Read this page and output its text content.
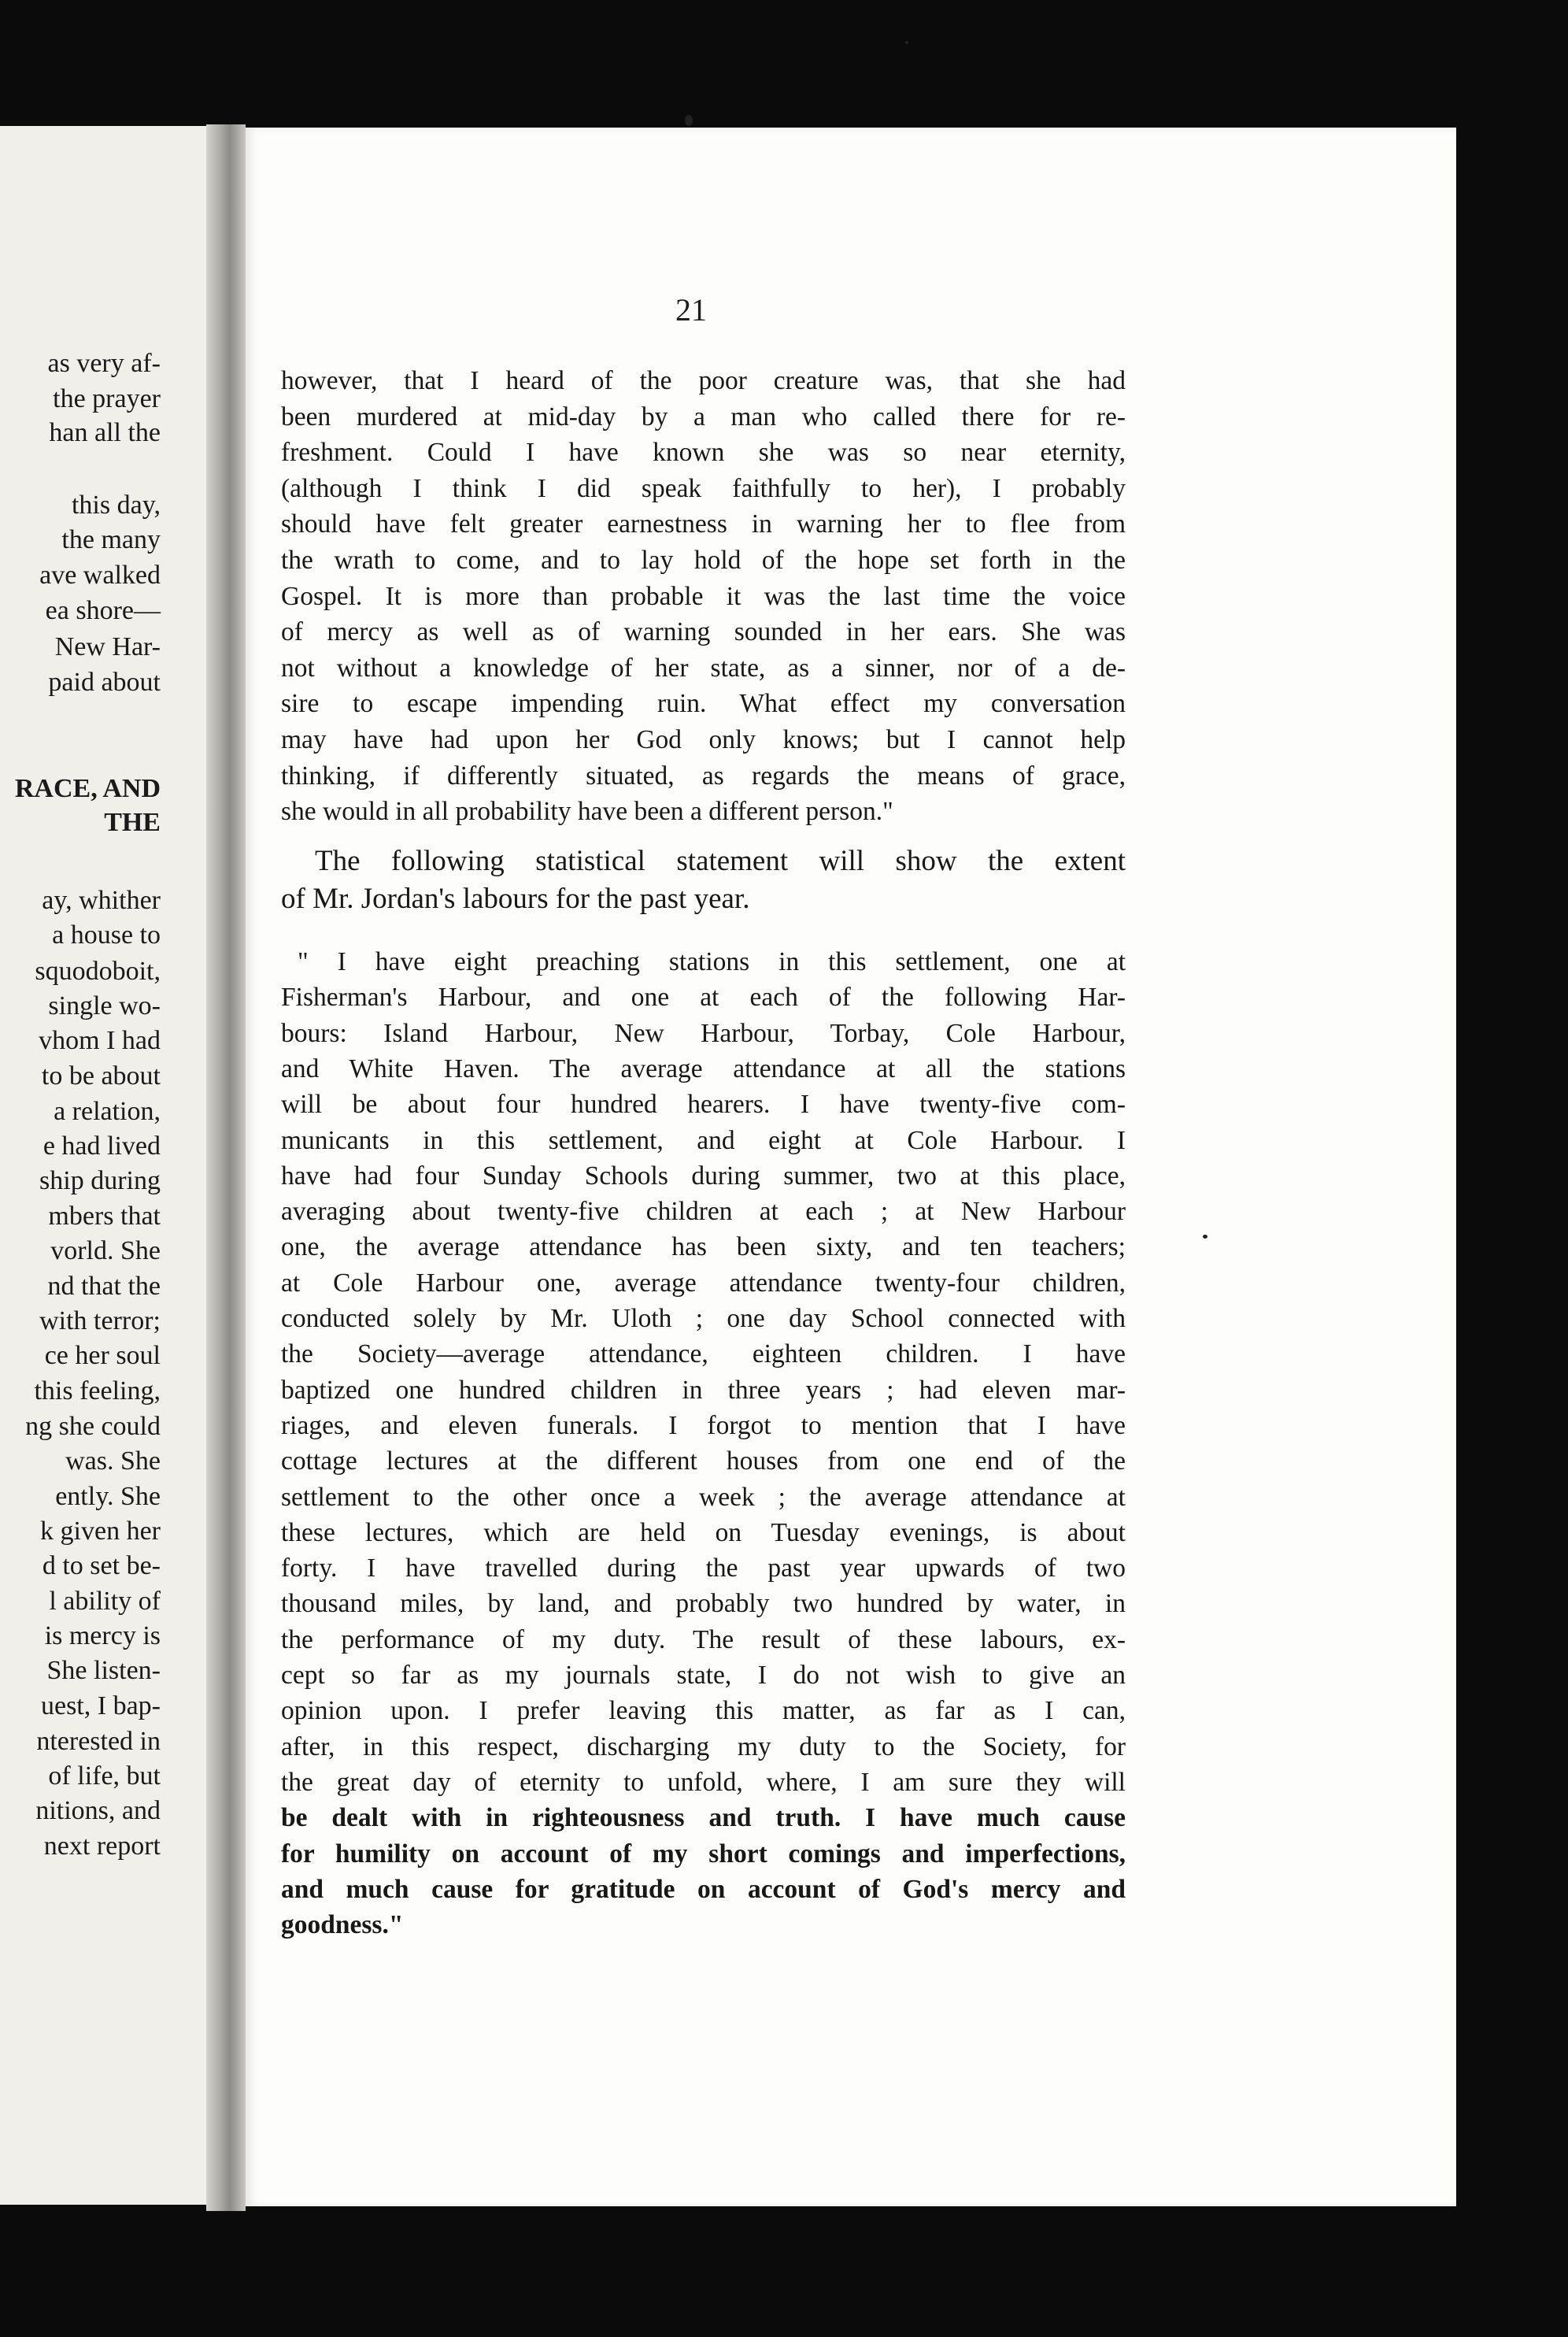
as very af-
the prayer
han all the
this day,
the many
ave walked
ea shore—
New Har-
paid about
RACE, AND
THE
ay, whither
a house to
squodoboit,
single wo-
vhom I had
to be about
a relation,
e had lived
ship during
mbers that
vorld. She
nd that the
with terror;
ce her soul
this feeling,
ng she could
was. She
ently. She
k given her
d to set be-
l ability of
is mercy is
She listen-
uest, I bap-
nterested in
of life, but
nitions, and
next report
21
however, that I heard of the poor creature was, that she had
been murdered at mid-day by a man who called there for re-
freshment. Could I have known she was so near eternity,
(although I think I did speak faithfully to her), I probably
should have felt greater earnestness in warning her to flee from
the wrath to come, and to lay hold of the hope set forth in the
Gospel. It is more than probable it was the last time the voice
of mercy as well as of warning sounded in her ears. She was
not without a knowledge of her state, as a sinner, nor of a de-
sire to escape impending ruin. What effect my conversation
may have had upon her God only knows; but I cannot help
thinking, if differently situated, as regards the means of grace,
she would in all probability have been a different person."
The following statistical statement will show the extent
of Mr. Jordan's labours for the past year.
" I have eight preaching stations in this settlement, one at
Fisherman's Harbour, and one at each of the following Har-
bours: Island Harbour, New Harbour, Torbay, Cole Harbour,
and White Haven. The average attendance at all the stations
will be about four hundred hearers. I have twenty-five com-
municants in this settlement, and eight at Cole Harbour. I
have had four Sunday Schools during summer, two at this place,
averaging about twenty-five children at each ; at New Harbour
one, the average attendance has been sixty, and ten teachers;
at Cole Harbour one, average attendance twenty-four children,
conducted solely by Mr. Uloth ; one day School connected with
the Society—average attendance, eighteen children. I have
baptized one hundred children in three years ; had eleven mar-
riages, and eleven funerals. I forgot to mention that I have
cottage lectures at the different houses from one end of the
settlement to the other once a week ; the average attendance at
these lectures, which are held on Tuesday evenings, is about
forty. I have travelled during the past year upwards of two
thousand miles, by land, and probably two hundred by water, in
the performance of my duty. The result of these labours, ex-
cept so far as my journals state, I do not wish to give an
opinion upon. I prefer leaving this matter, as far as I can,
after, in this respect, discharging my duty to the Society, for
the great day of eternity to unfold, where, I am sure they will
be dealt with in righteousness and truth. I have much cause
for humility on account of my short comings and imperfections,
and much cause for gratitude on account of God's mercy and
goodness."
